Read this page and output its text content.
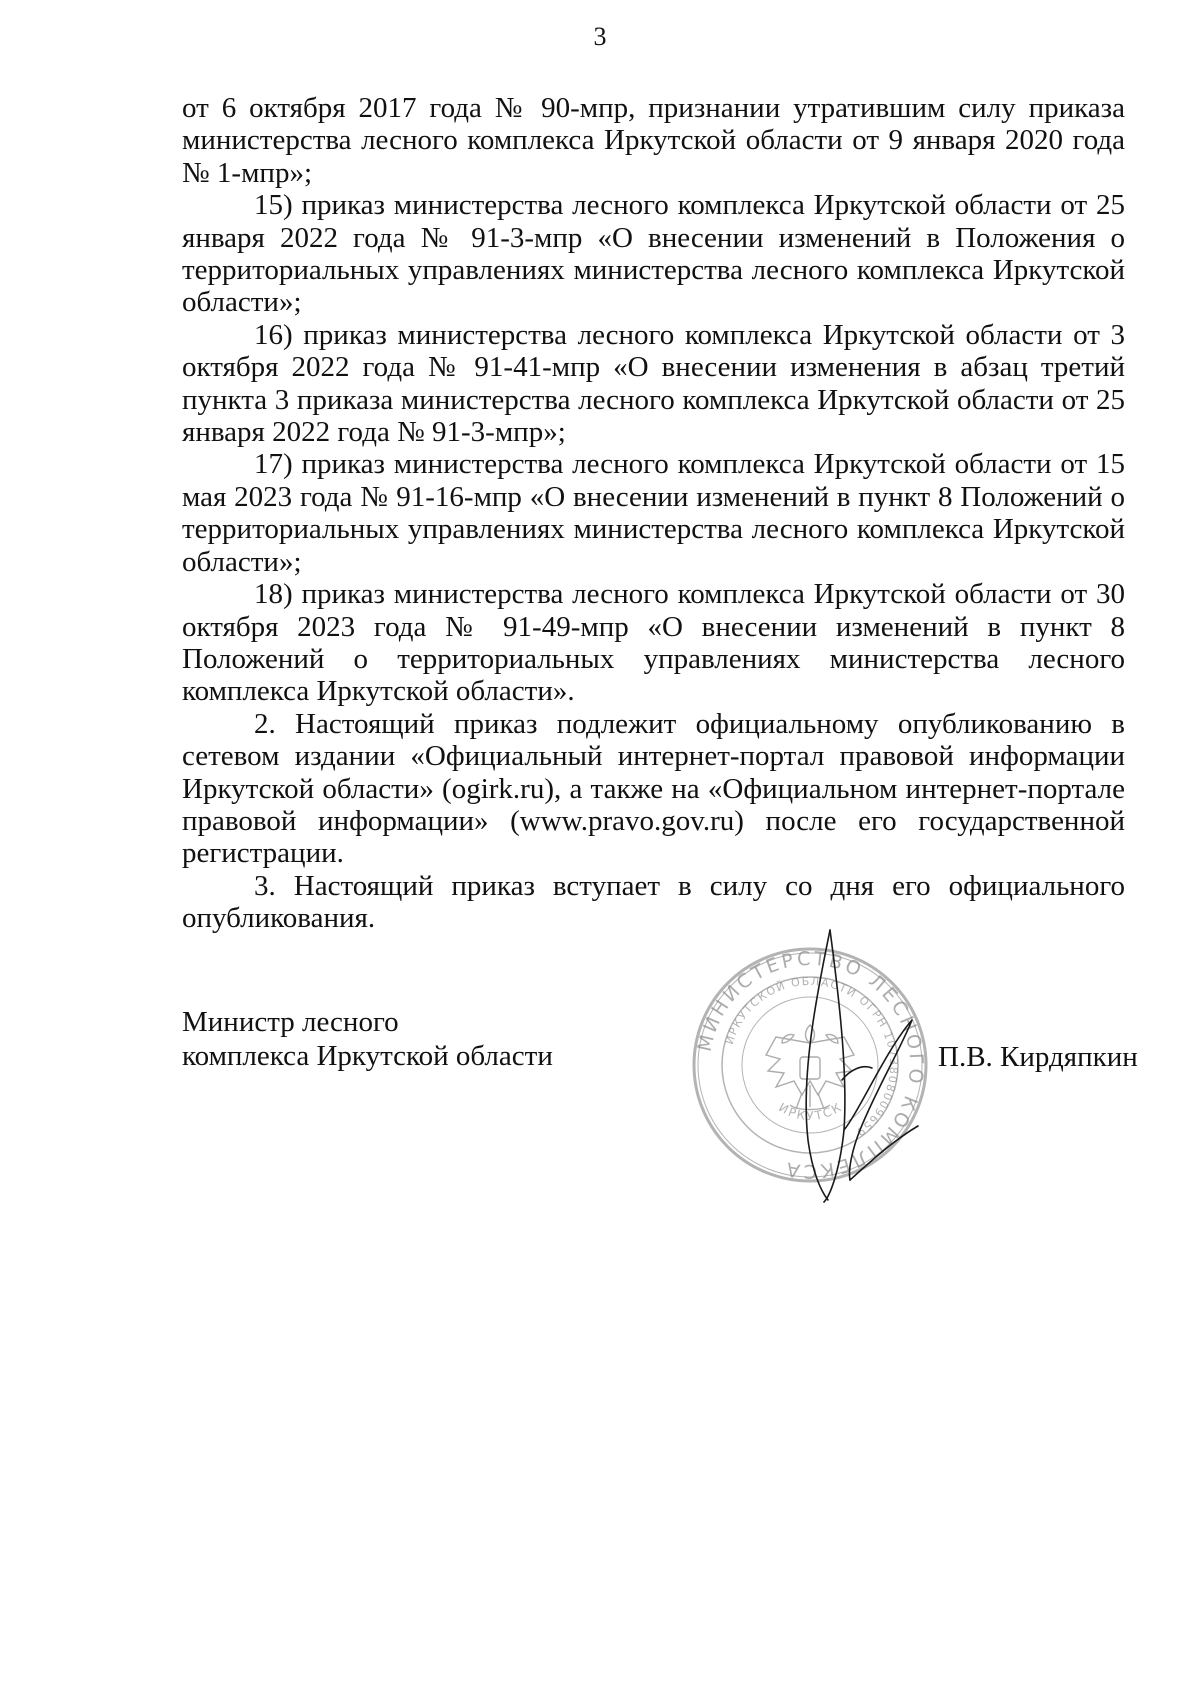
3

от 6 октября 2017 года № 90-мпр, признании утратившим силу приказа министерства лесного комплекса Иркутской области от 9 января 2020 года № 1-мпр»;

15) приказ министерства лесного комплекса Иркутской области от 25 января 2022 года № 91-3-мпр «О внесении изменений в Положения о территориальных управлениях министерства лесного комплекса Иркутской области»;

16) приказ министерства лесного комплекса Иркутской области от 3 октября 2022 года № 91-41-мпр «О внесении изменения в абзац третий пункта 3 приказа министерства лесного комплекса Иркутской области от 25 января 2022 года № 91-3-мпр»;

17) приказ министерства лесного комплекса Иркутской области от 15 мая 2023 года № 91-16-мпр «О внесении изменений в пункт 8 Положений о территориальных управлениях министерства лесного комплекса Иркутской области»;

18) приказ министерства лесного комплекса Иркутской области от 30 октября 2023 года № 91-49-мпр «О внесении изменений в пункт 8 Положений о территориальных управлениях министерства лесного комплекса Иркутской области».

2. Настоящий приказ подлежит официальному опубликованию в сетевом издании «Официальный интернет-портал правовой информации Иркутской области» (ogirk.ru), а также на «Официальном интернет-портале правовой информации» (www.pravo.gov.ru) после его государственной регистрации.

3. Настоящий приказ вступает в силу со дня его официального опубликования.

Министр лесного
комплекса Иркутской области	П.В. Кирдяпкин
МИНИСТЕРСТВО ЛЕСНОГО КОМПЛЕКСА
ИРКУТСКОЙ ОБЛАСТИ ОГРН 1073808009659
ИРКУТСК
